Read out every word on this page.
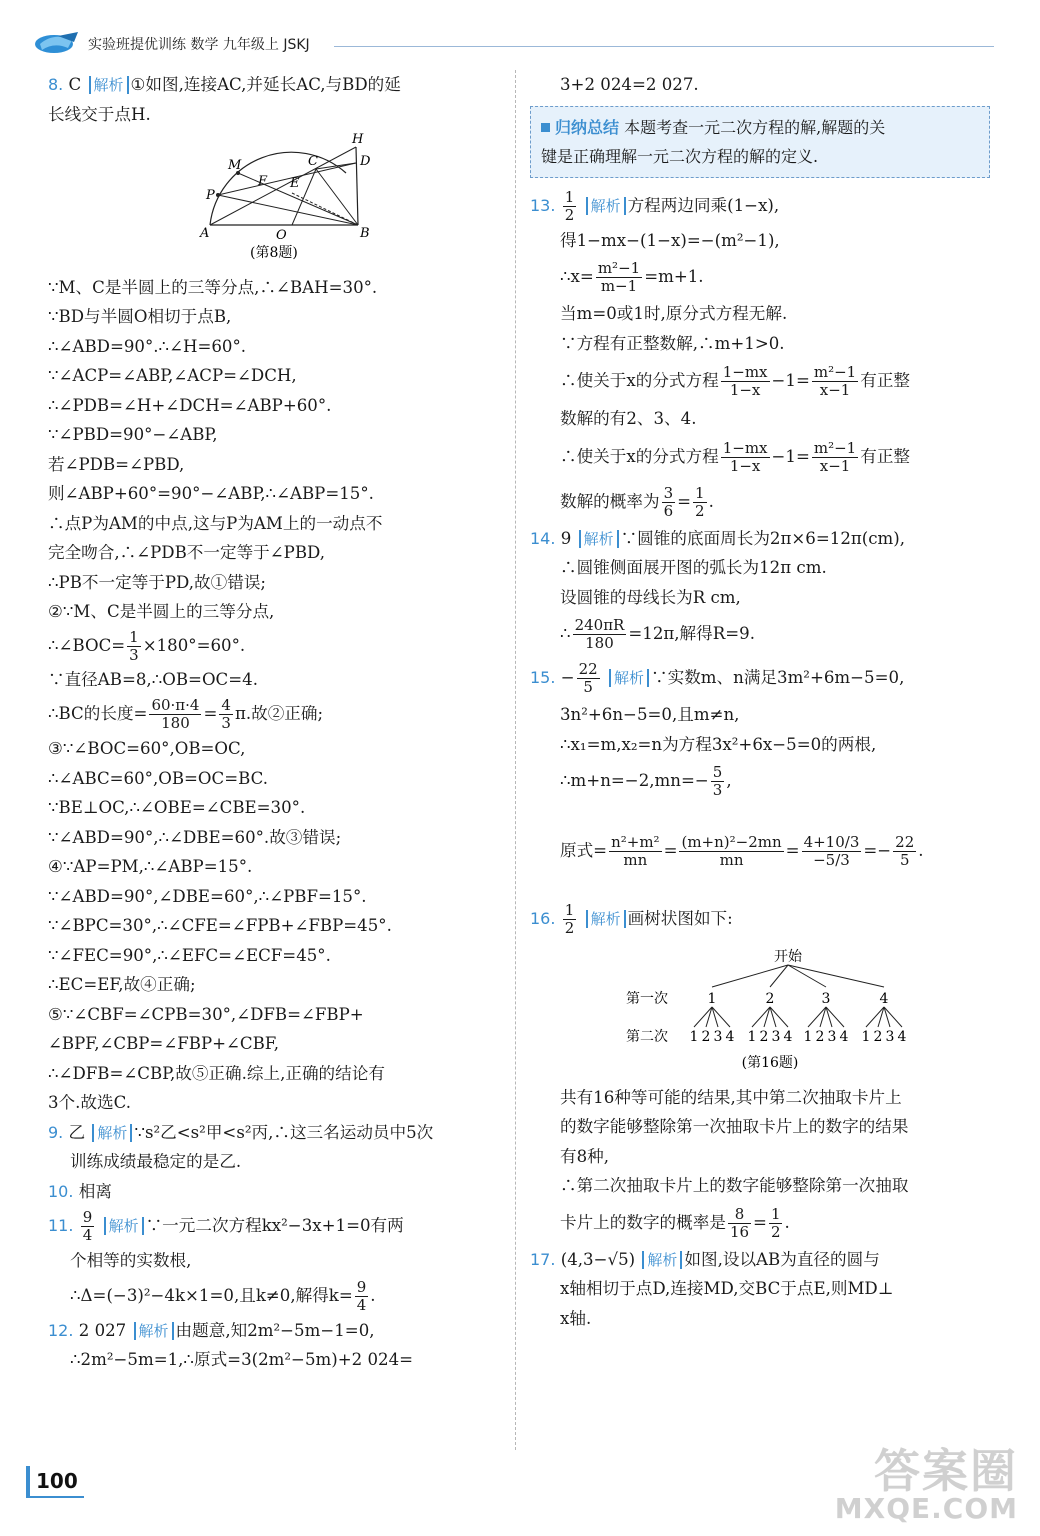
实验班提优训练 数学 九年级上 JSKJ
8. C 解析 ①如图,连接AC,并延长AC,与BD的延
长线交于点H.
M
H
C	D
F E
P
A	O	B
(第8题)
∵M、C是半圆上的三等分点,∴∠BAH=30°.
∵BD与半圆O相切于点B,
∴∠ABD=90°.∴∠H=60°.
∵∠ACP=∠ABP,∠ACP=∠DCH,
∴∠PDB=∠H+∠DCH=∠ABP+60°.
∵∠PBD=90°−∠ABP,
若∠PDB=∠PBD,
则∠ABP+60°=90°−∠ABP,∴∠ABP=15°.
∴点P为AM的中点,这与P为AM上的一动点不
完全吻合,∴∠PDB不一定等于∠PBD,
∴PB不一定等于PD,故①错误;
②∵M、C是半圆上的三等分点,
∴∠BOC= $\frac{1}{3} \times 180^\circ=60^\circ$.
∵直径AB=8,∴OB=OC=4.
∴BC的长度= $\frac{60\cdot\pi\cdot 4}{180} = \frac{4}{3} \pi$.故②正确;
③∵∠BOC=60°,OB=OC,
∴∠ABC=60°,OB=OC=BC.
∵BE⊥OC,∴∠OBE=∠CBE=30°.
∵∠ABD=90°,∴∠DBE=60°.故③错误;
④∵AP=PM,∴∠ABP=15°.
∵∠ABD=90°,∠DBE=60°,∴∠PBF=15°.
∵∠BPC=30°,∴∠CFE=∠FPB+∠FBP=45°.
∵∠FEC=90°,∴∠EFC=∠ECF=45°.
∴EC=EF,故④正确;
⑤∵∠CBF=∠CPB=30°,∠DFB=∠FBP+
∠BPF,∠CBP=∠FBP+∠CBF,
∴∠DFB=∠CBP,故⑤正确.综上,正确的结论有
3个.故选C.
9. 乙 解析 ∵s²乙<s²甲<s²丙,∴这三名运动员中5次
训练成绩最稳定的是乙.
10. 相离
11. $\frac{9}{4}$ 解析 ∵一元二次方程kx²−3x+1=0有两
个相等的实数根,
∴Δ=(−3)²−4k×1=0,且k≠0,解得$k= \frac{9}{4}$ .
12. 2 027 解析 由题意,知2m²−5m−1=0,
∴2m²−5m=1,∴原式=3(2m²−5m)+2 024=
3+2 024=2 027.
归纳总结 本题考查一元二次方程的解,解题的关
键是正确理解一元二次方程的解的定义.
13. $\frac{1}{2}$ 解析 方程两边同乘(1−x),
得1−mx−(1−x)=−(m²−1),
∴x= $\frac{\text{m²−1}}{m-1} =m+1$.
当m=0或1时,原分式方程无解.
∵方程有正整数解,∴m+1>0.
∴使关于x的分式方程 $\frac{1-mx}{1-x} -1= \frac{\text{m²−1}}{x-1}$ 有正整
数解的有2、3、4.
∴使关于x的分式方程 $\frac{1-mx}{1-x} -1= \frac{\text{m²−1}}{x-1}$ 有正整
数解的概率为 $\frac{3}{6} = \frac{1}{2}$ .
14. 9 解析 ∵圆锥的底面周长为2π×6=12π(cm),
∴圆锥侧面展开图的弧长为12π cm.
设圆锥的母线长为R cm,
∴ $\frac{240\pi R}{180} =12\pi$,解得R=9.
15. − $\frac{22}{5}$ 解析 ∵实数m、n满足3m²+6m−5=0,
3n²+6n−5=0,且m≠n,
∴x₁=m,x₂=n为方程3x²+6x−5=0的两根,
∴m+n=−2,mn=− $\frac{5}{3}$ ,
原式= $\frac{\text{n²+m²}}{mn} = \frac{\text{(m+n)²−2mn}}{mn} = \frac{4+10/3}{-5/3} =- \frac{22}{5}$ .
16. $\frac{1}{2}$ 解析 画树状图如下:
开始
第一次
第二次
1
1 2 3 4
2
1 2 3 4
3
1 2 3 4
4
1 2 3 4
(第16题)
共有16种等可能的结果,其中第二次抽取卡片上
的数字能够整除第一次抽取卡片上的数字的结果
有8种,
∴第二次抽取卡片上的数字能够整除第一次抽取
卡片上的数字的概率是 $\frac{8}{16} = \frac{1}{2}$ .
17. (4,3−√5) 解析 如图,设以AB为直径的圆与
x轴相切于点D,连接MD,交BC于点E,则MD⊥
x轴.
100	答案圈
MXQE.COM
